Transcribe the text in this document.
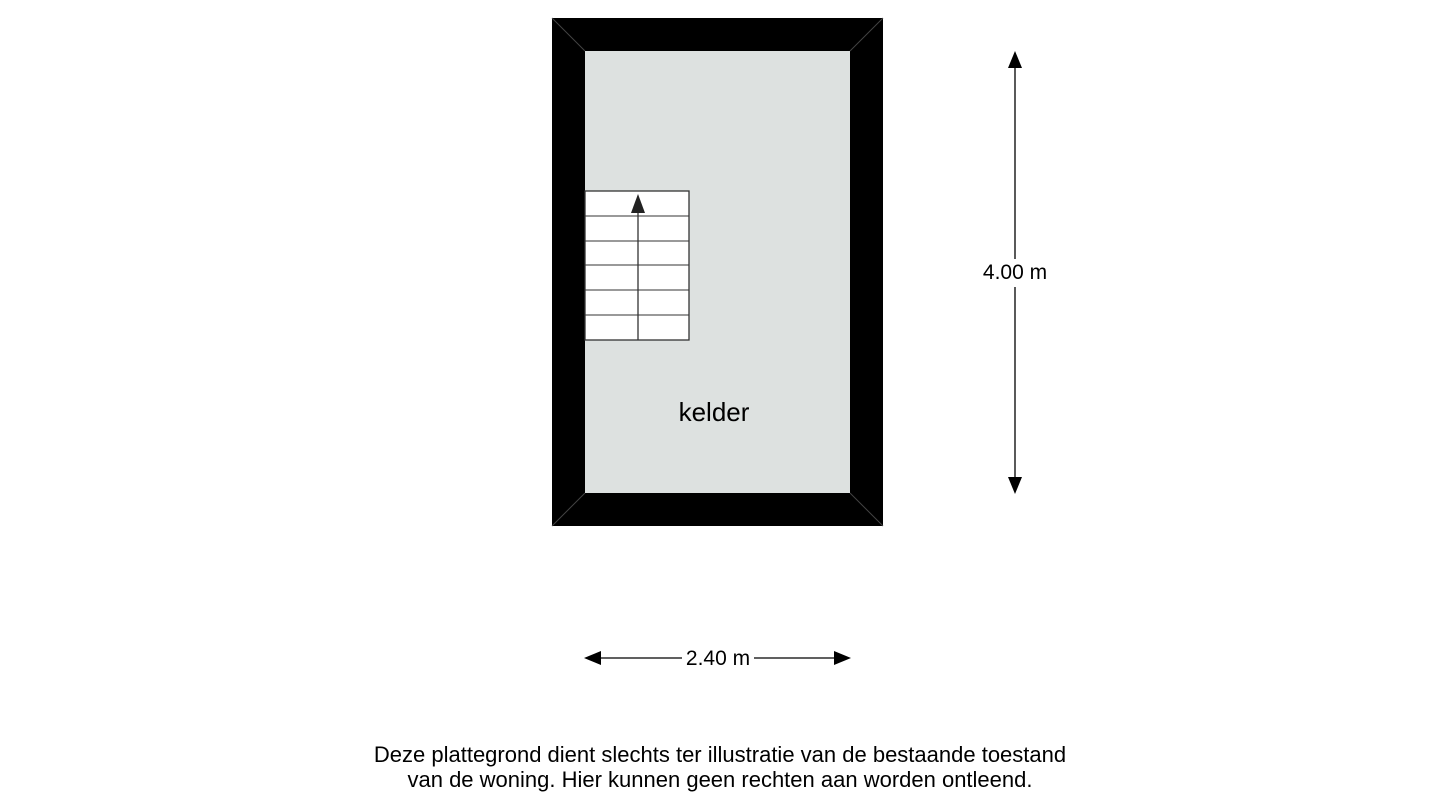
kelder
4.00 m
2.40 m
Deze plattegrond dient slechts ter illustratie van de bestaande toestand
van de woning. Hier kunnen geen rechten aan worden ontleend.
